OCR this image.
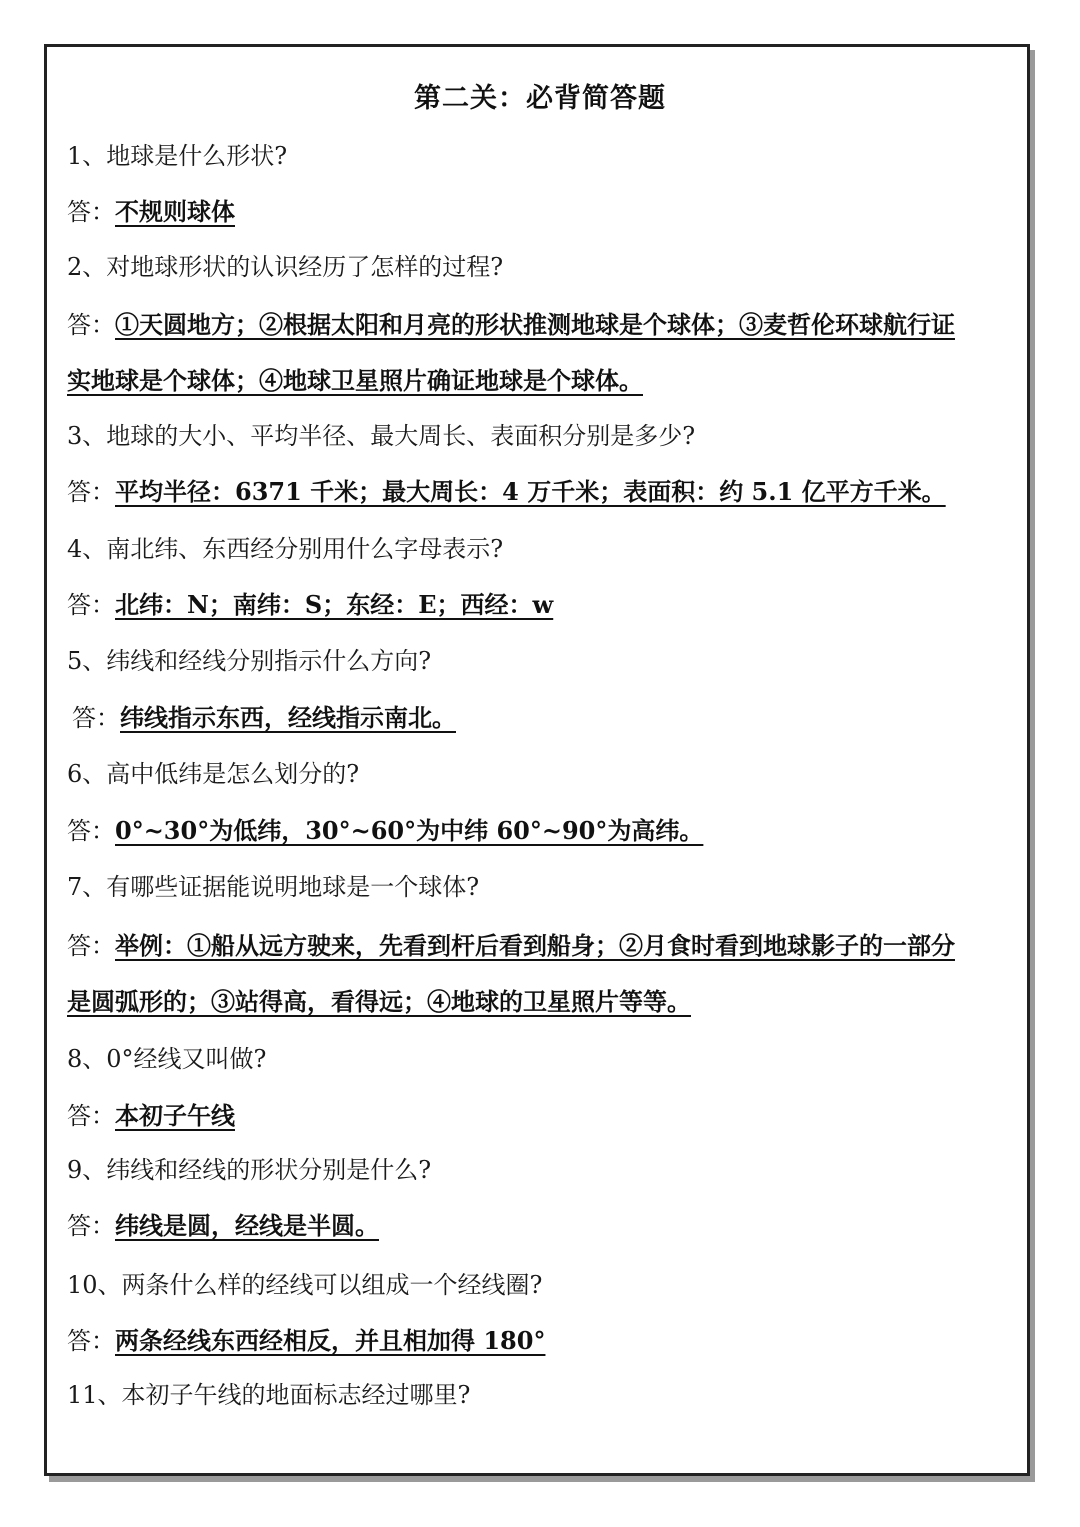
第二关：必背简答题
1、地球是什么形状?
答：不规则球体
2、对地球形状的认识经历了怎样的过程?
答：①天圆地方；②根据太阳和月亮的形状推测地球是个球体；③麦哲伦环球航行证
实地球是个球体；④地球卫星照片确证地球是个球体。
3、地球的大小、平均半径、最大周长、表面积分别是多少?
答：平均半径：6371 千米；最大周长：4 万千米；表面积：约 5.1 亿平方千米。
4、南北纬、东西经分别用什么字母表示?
答：北纬：N；南纬：S；东经：E；西经：w
5、纬线和经线分别指示什么方向?
答：纬线指示东西，经线指示南北。
6、高中低纬是怎么划分的?
答：0°~30°为低纬，30°~60°为中纬 60°~90°为高纬。
7、有哪些证据能说明地球是一个球体?
答：举例：①船从远方驶来，先看到杆后看到船身；②月食时看到地球影子的一部分
是圆弧形的；③站得高，看得远；④地球的卫星照片等等。
8、0°经线又叫做?
答：本初子午线
9、纬线和经线的形状分别是什么?
答：纬线是圆，经线是半圆。
10、两条什么样的经线可以组成一个经线圈?
答：两条经线东西经相反，并且相加得 180°
11、本初子午线的地面标志经过哪里?
